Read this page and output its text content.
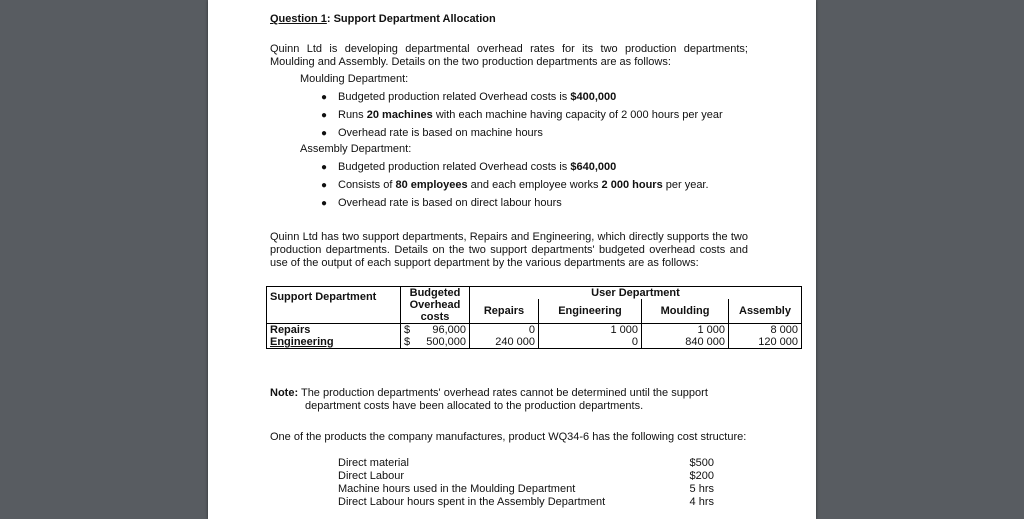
Question 1: Support Department Allocation
Quinn Ltd is developing departmental overhead rates for its two production departments; Moulding and Assembly. Details on the two production departments are as follows:
Moulding Department:
● Budgeted production related Overhead costs is $400,000
● Runs 20 machines with each machine having capacity of 2 000 hours per year
● Overhead rate is based on machine hours
Assembly Department:
● Budgeted production related Overhead costs is $640,000
● Consists of 80 employees and each employee works 2 000 hours per year.
● Overhead rate is based on direct labour hours
Quinn Ltd has two support departments, Repairs and Engineering, which directly supports the two production departments. Details on the two support departments' budgeted overhead costs and use of the output of each support department by the various departments are as follows:
Support Department	Budgeted Overhead costs	User Department			
		Repairs	Engineering	Moulding	Assembly

Repairs	$ 96,000	0	1 000	1 000	8 000
Engineering	$ 500,000	240 000	0	840 000	120 000
Note: The production departments' overhead rates cannot be determined until the support
department costs have been allocated to the production departments.
One of the products the company manufactures, product WQ34-6 has the following cost structure:
Direct material	$500
Direct Labour	$200
Machine hours used in the Moulding Department	5 hrs
Direct Labour hours spent in the Assembly Department	4 hrs
